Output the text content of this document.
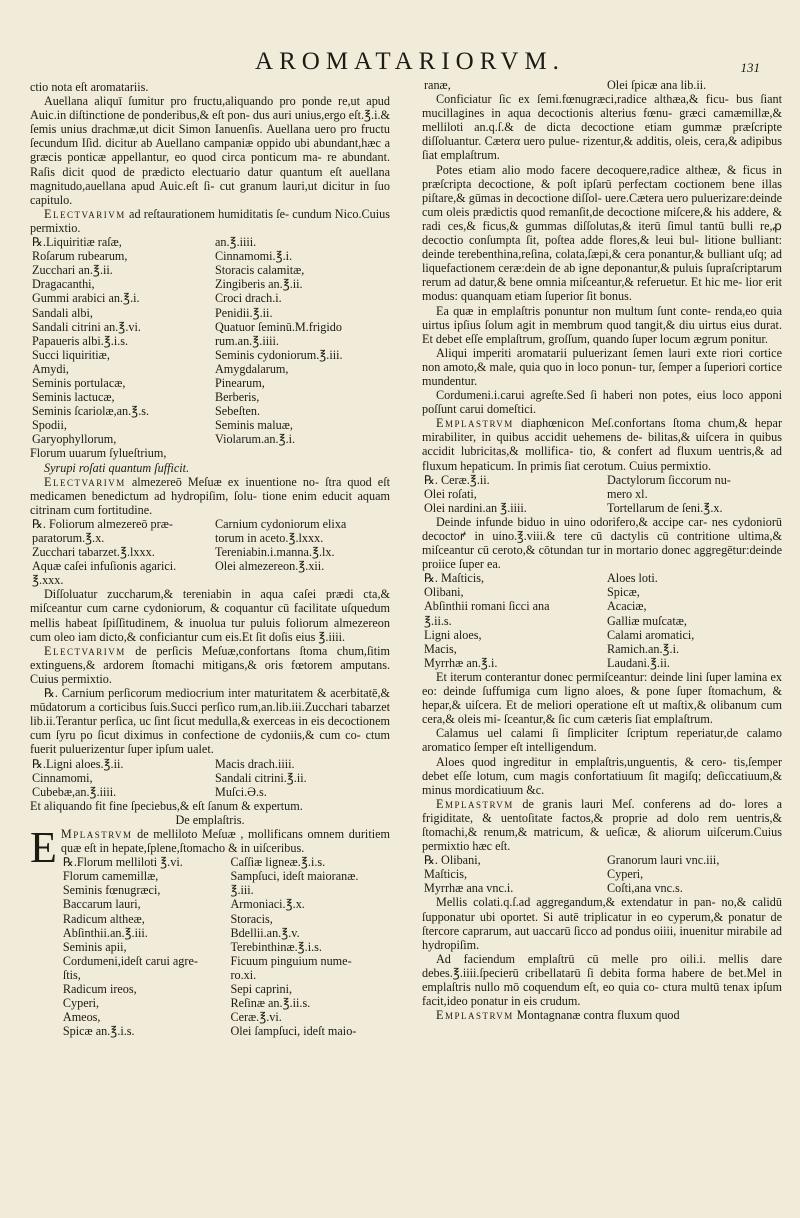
AROMATARIORVM.	131

ctio nota eſt aromatariis.

Auellana aliquī ſumitur pro fructu,aliquando pro ponde re,ut apud Auic.in diſtinctione de ponderibus,& eſt pon‑ dus auri unius,ergo eſt.℥.i.& ſemis unius drachmæ,ut dicit Simon Ianuenſis. Auellana uero pro fructu ſecundum Iſid. dicitur ab Auellano campaniæ oppido ubi abundant,hæc a græcis ponticæ appellantur, eo quod circa ponticum ma‑ re abundant. Raſis dicit quod de prædicto electuario datur quantum eſt auellana magnitudo,auellana apud Auic.eſt ſi‑ cut granum lauri,ut dicitur in ſuo capitulo.

Electvarivm ad reſtaurationem humiditatis ſe‑ cundum Nico.Cuius permixtio.

℞.Liquiritiæ raſæ,	an.℥.iiii.
Roſarum rubearum,	Cinnamomi.℥.i.
Zucchari an.℥.ii.	Storacis calamitæ,
Dragacanthi,	Zingiberis an.℥.ii.
Gummi arabici an.℥.i.	Croci drach.i.
Sandali albi,	Penidii.℥.ii.
Sandali citrini an.℥.vi.	Quatuor ſeminū.M.frigido
Papaueris albi.℥.i.s.	rum.an.℥.iiii.
Succi liquiritiæ,	Seminis cydoniorum.℥.iii.
Amydi,	Amygdalarum,
Seminis portulacæ,	Pinearum,
Seminis lactucæ,	Berberis,
Seminis ſcariolæ,an.℥.s.	Sebeſten.
Spodii,	Seminis maluæ,
Garyophyllorum,	Violarum.an.℥.i.

Florum uuarum ſylueſtrium,

Syrupi roſati quantum ſufficit.

Electvarivm almezereō Meſuæ ex inuentione no‑ ſtra quod eſt medicamen benedictum ad hydropiſim, ſolu‑ tione enim educit aquam citrinam cum fortitudine.

℞. Foliorum almezereō præ‑	Carnium cydoniorum elixa
paratorum.℥.x.	torum in aceto.℥.lxxx.
Zucchari tabarzet.℥.lxxx.	Tereniabin.i.manna.℥.lx.
Aquæ caſei infuſionis agarici.	Olei almezereon.℥.xii.
℥.xxx.

Diſſoluatur zuccharum,& tereniabin in aqua caſei prædi cta,& miſceantur cum carne cydoniorum, & coquantur cū facilitate uſquedum mellis habeat ſpiſſitudinem, & inuolua tur puluis foliorum almezereon cum oleo iam dicto,& conficiantur cum eis.Et ſit doſis eius ℥.iiii.

Electvarivm de perſicis Meſuæ,confortans ſtoma chum,ſitim extinguens,& ardorem ſtomachi mitigans,& oris fœtorem amputans. Cuius permixtio.

℞. Carnium perſicorum mediocrium inter maturitatem & acerbitatē,& mūdatorum a corticibus ſuis.Succi perſico rum,an.lib.iii.Zucchari tabarzet lib.ii.Terantur perſica, uc ſint ſicut medulla,& exerceas in eis decoctionem cum ſyru po ſicut diximus in confectione de cydoniis,& cum co‑ ctum fuerit puluerizentur ſuper ipſum ualet.

℞.Ligni aloes.℥.ii.	Macis drach.iiii.
Cinnamomi,	Sandali citrini.℥.ii.
Cubebæ,an.℥.iiii.	Muſci.Ə.s.

Et aliquando fit fine ſpeciebus,& eſt ſanum & expertum.

De emplaſtris.

E Mplastrvm de melliloto Meſuæ , mollificans omnem duritiem quæ eſt in hepate,ſplene,ſtomacho & in uiſceribus.

℞.Florum melliloti ℥.vi.	Caſſiæ ligneæ.℥.i.s.
Florum camemillæ,	Sampſuci, ideſt maioranæ.
Seminis fœnugræci,	℥.iii.
Baccarum lauri,	Armoniaci.℥.x.
Radicum altheæ,	Storacis,
Abſinthii.an.℥.iii.	Bdellii.an.℥.v.
Seminis apii,	Terebinthinæ.℥.i.s.
Cordumeni,ideſt carui agre‑	Ficuum pinguium nume‑
ſtis,	ro.xi.
Radicum ireos,	Sepi caprini,
Cyperi,	Reſinæ an.℥.ii.s.
Ameos,	Ceræ.℥.vi.
Spicæ an.℥.i.s.	Olei ſampſuci, ideſt maio‑
ranæ,	Olei ſpicæ ana lib.ii.

Conficiatur ſic ex ſemi.fœnugræci,radice althæa,& ficu‑ bus ſiant mucillagines in aqua decoctionis alterius fœnu‑ græci camæmillæ,& melliloti an.q.ſ.& de dicta decoctione etiam gummæ præſcripte diſſoluantur. Cæterα uero pulue‑ rizentur,& additis, oleis, cera,& adipibus ſiat emplaſtrum.

Potes etiam alio modo facere decoquere,radice altheæ, & ficus in præſcripta decoctione, & poſt ipſarū perfectam coctionem bene illas piſtare,& gūmas in decoctione diſſol‑ uere.Cætera uero puluerizare:deinde cum oleis prædictis quod remanſit,de decoctione miſcere,& his addere, & radi ces,& ficus,& gummas diſſolutas,& iterū ſimul tantū bulli re,ꝓ decoctio conſumpta ſit, poſtea adde flores,& leui bul‑ litione bulliant: deinde terebenthina,reſina, colata,ſæpi,& cera ponantur,& bulliant uſq; ad liquefactionem ceræ:dein de ab igne deponantur,& puluis ſupraſcriptarum rerum ad datur,& bene omnia miſceantur,& referuetur. Et hic me‑ lior erit modus: quanquam etiam ſuperior ſit bonus.

Ea quæ in emplaſtris ponuntur non multum ſunt conte‑ renda,eo quia uirtus ipſius ſolum agit in membrum quod tangit,& diu uirtus eius durat. Et debet eſſe emplaſtrum, groſſum, quando ſuper locum ægrum ponitur.

Aliqui imperiti aromatarii puluerizant ſemen lauri exte riori cortice non amoto,& male, quia quo in loco ponun‑ tur, ſemper a ſuperiori cortice mundentur.

Cordumeni.i.carui agreſte.Sed ſi haberi non potes, eius loco apponi poſſunt carui domeſtici.

Emplastrvm diaphœnicon Meſ.confortans ſtoma chum,& hepar mirabiliter, in quibus accidit uehemens de‑ bilitas,& uiſcera in quibus accidit lubricitas,& mollifica‑ tio, & confert ad fluxum uentris,& ad fluxum hepaticum. In primis ſiat cerotum. Cuius permixtio.

℞. Ceræ.℥.ii.	Dactylorum ſiccorum nu‑
Olei roſati,	mero xl.
Olei nardini.an ℥.iiii.	Tortellarum de ſeni.℥.x.

Deinde infunde biduo in uino odorifero,& accipe car‑ nes cydoniorū decoctoꝵ in uino.℥.viii.& tere cū dactylis cū contritione ultima,& miſceantur cū ceroto,& cōtundan tur in mortario donec aggregētur:deinde proiice ſuper ea.

℞. Maſticis,	Aloes loti.
Olibani,	Spicæ,
Abſinthii romani ſicci ana	Acaciæ,
℥.ii.s.	Galliæ muſcatæ,
Ligni aloes,	Calami aromatici,
Macis,	Ramich.an.℥.i.
Myrrhæ an.℥.i.	Laudani.℥.ii.

Et iterum conterantur donec permiſceantur: deinde lini ſuper lamina ex eo: deinde ſuffumiga cum ligno aloes, & pone ſuper ſtomachum, & hepar,& uiſcera. Et de meliori operatione eſt ut maſtix,& olibanum cum cera,& oleis mi‑ ſceantur,& ſic cum cæteris ſiat emplaſtrum.

Calamus uel calami ſi ſimpliciter ſcriptum reperiatur,de calamo aromatico ſemper eſt intelligendum.

Aloes quod ingreditur in emplaſtris,unguentis, & cero‑ tis,ſemper debet eſſe lotum, cum magis confortatiuum ſit magiſq; deſiccatiuum,& minus mordicatiuum &c.

Emplastrvm de granis lauri Meſ. conferens ad do‑ lores a frigiditate, & uentoſitate factos,& proprie ad dolo rem uentris,& ſtomachi,& renum,& matricum, & ueſicæ, & aliorum uiſcerum.Cuius permixtio hæc eſt.

℞. Olibani,	Granorum lauri vnc.iii,
Maſticis,	Cyperi,
Myrrhæ ana vnc.i.	Coſti,ana vnc.s.

Mellis colati.q.ſ.ad aggregandum,& extendatur in pan‑ no,& calidū ſupponatur ubi oportet. Si autē triplicatur in eo cyperum,& ponatur de ſtercore caprarum, aut uaccarū ſicco ad pondus oiiii, inuenitur mirabile ad hydropiſim.

Ad faciendum emplaſtrū cū melle pro oili.i. mellis dare debes.℥.iiii.ſpecierū cribellatarū ſi debita forma habere de bet.Mel in emplaſtris nullo mō coquendum eſt, eo quia co‑ ctura multū tenax ipſum facit,ideo ponatur in eis crudum.

Emplastrvm Montagnanæ contra fluxum quod
